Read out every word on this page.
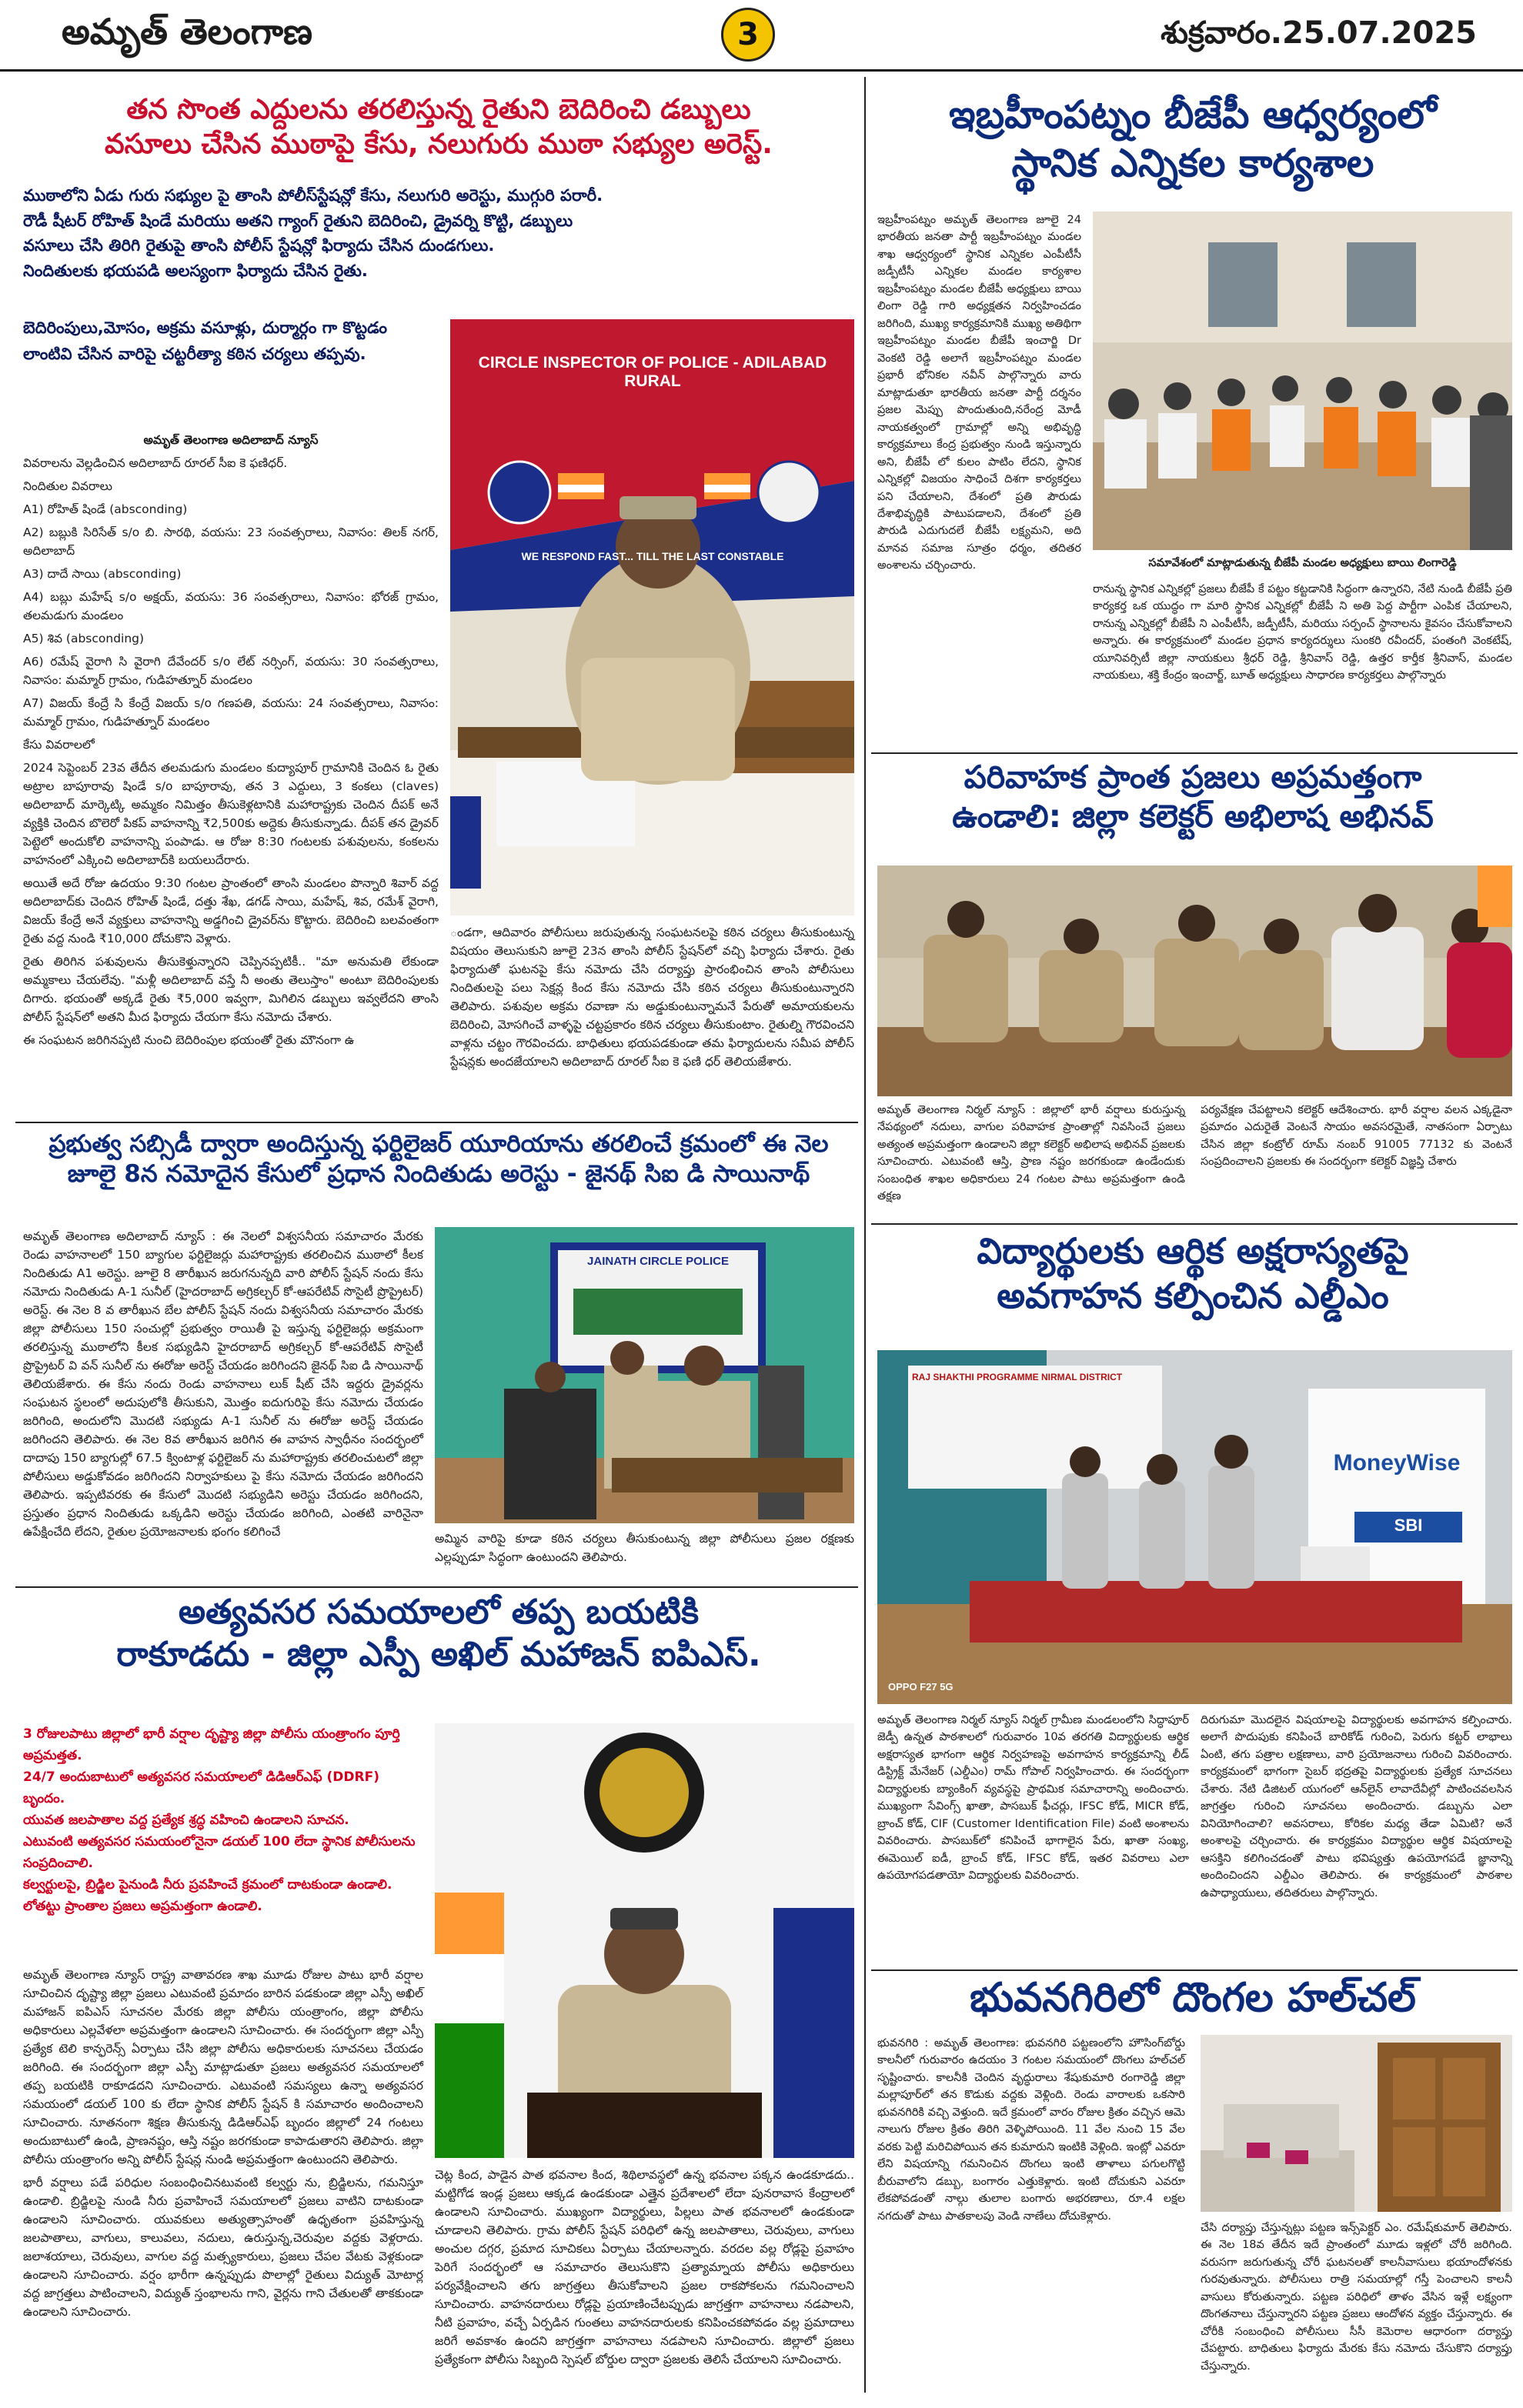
అమృత్ తెలంగాణ	3	శుక్రవారం.25.07.2025
తన సొంత ఎద్దులను తరలిస్తున్న రైతుని బెదిరించి డబ్బులు
వసూలు చేసిన ముఠాపై కేసు, నలుగురు ముఠా సభ్యుల అరెస్ట్.
ముఠాలోని ఏడు గురు సభ్యుల పై తాంసి పోలీస్‌స్టేషన్లో కేసు, నలుగురి అరెస్టు, ముగ్గురి పరారీ.
రౌడీ షీటర్ రోహిత్ షిండే మరియు అతని గ్యాంగ్ రైతుని బెదిరించి, డ్రైవర్ని కొట్టి, డబ్బులు
వసూలు చేసి తిరిగి రైతుపై తాంసి పోలీస్ స్టేషన్లో ఫిర్యాదు చేసిన దుండగులు.
నిందితులకు భయపడి అలస్యంగా ఫిర్యాదు చేసిన రైతు.
బెదిరింపులు,మోసం, అక్రమ వసూళ్లు, దుర్మార్గం గా కొట్టడం లాంటివి చేసిన వారిపై చట్టరీత్యా కఠిన చర్యలు తప్పవు.

అమృత్ తెలంగాణ అదిలాబాద్ న్యూస్

వివరాలను వెల్లడించిన అదిలాబాద్ రూరల్ సీఐ కె ఫణిధర్.

నిందితుల వివరాలు

A1) రోహిత్ షిండే (absconding)

A2) బబ్లుకి సిరిసేత్ s/o బి. సారథి, వయసు: 23 సంవత్సరాలు, నివాసం: తిలక్ నగర్, అదిలాబాద్

A3) దాదే సాయి (absconding)

A4) బబ్లు మహేష్ s/o అక్షయ్, వయసు: 36 సంవత్సరాలు, నివాసం: భోరజ్ గ్రామం, తలమడుగు మండలం

A5) శివ (absconding)

A6) రమేష్ వైరాగి సి వైరాగి దేవేందర్ s/o లేట్ నర్సింగ్, వయసు: 30 సంవత్సరాలు, నివాసం: మమ్మార్ గ్రామం, గుడిహత్నూర్ మండలం

A7) విజయ్ కేంద్రే సి కేంద్రే విజయ్ s/o గణపతి, వయసు: 24 సంవత్సరాలు, నివాసం: మమ్మార్ గ్రామం, గుడిహత్నూర్ మండలం

కేసు వివరాలలో

2024 సెప్టెంబర్ 23వ తేదీన తలమడుగు మండలం కుద్యాపూర్ గ్రామానికి చెందిన ఓ రైతు అట్రాల బాపూరావు షిండే s/o బాపూరావు, తన 3 ఎద్దులు, 3 కంకలు (claves) అదిలాబాద్ మార్కెట్కి అమ్మకం నిమిత్తం తీసుకెళ్లటానికి మహారాష్ట్రకు చెందిన దీపక్ అనే వ్యక్తికి చెందిన బొలెరో పికప్ వాహనాన్ని ₹2,500కు అద్దెకు తీసుకున్నాడు. దీపక్ తన డ్రైవర్ పెట్టెలో అందుకోలి వాహనాన్ని పంపాడు. ఆ రోజు 8:30 గంటలకు పశువులను, కంకలను వాహనంలో ఎక్కించి అదిలాబాద్‌కి బయలుదేరారు.

అయితే అదే రోజు ఉదయం 9:30 గంటల ప్రాంతంలో తాంసి మండలం పొన్నారి శివార్ వద్ద అదిలాబాద్‌కు చెందిన రోహిత్ షిండే, దత్తు శేఖ, డగడ్ సాయి, మహేష్, శివ, రమేశ్ వైరాగి, విజయ్ కేంద్రే అనే వ్యక్తులు వాహనాన్ని అడ్డగించి డ్రైవర్‌ను కొట్టారు. బెదిరించి బలవంతంగా రైతు వద్ద నుండి ₹10,000 దోచుకొని వెళ్లారు.

రైతు తిరిగిన పశువులను తీసుకెళ్తున్నారని చెప్పినప్పటికీ.. "మా అనుమతి లేకుండా అమ్మకాలు చేయలేవు. "మళ్లీ అదిలాబాద్ వస్తే నీ అంతు తెలుస్తాం" అంటూ బెదిరింపులకు దిగారు. భయంతో అక్కడే రైతు ₹5,000 ఇవ్వగా, మిగిలిన డబ్బులు ఇవ్వలేదని తాంసి పోలీస్ స్టేషన్‌లో అతని మీద ఫిర్యాదు చేయగా కేసు నమోదు చేశారు.

ఈ సంఘటన జరిగినప్పటి నుంచి బెదిరింపుల భయంతో రైతు మౌనంగా ఉ

CIRCLE INSPECTOR OF POLICE - ADILABAD RURAL
WE RESPOND FAST... TILL THE LAST CONSTABLE
ండగా, ఆదివారం పోలీసులు జరుపుతున్న సంఘటనలపై కఠిన చర్యలు తీసుకుంటున్న విషయం తెలుసుకుని జూలై 23న తాంసి పోలీస్ స్టేషన్‌లో వచ్చి ఫిర్యాదు చేశారు. రైతు ఫిర్యాదుతో ఘటనపై కేసు నమోదు చేసి దర్యాప్తు ప్రారంభించిన తాంసి పోలీసులు నిందితులపై పలు సెక్షన్ల కింద కేసు నమోదు చేసి కఠిన చర్యలు తీసుకుంటున్నారని తెలిపారు. పశువుల అక్రమ రవాణా ను అడ్డుకుంటున్నామనే పేరుతో అమాయకులను బెదిరించి, మోసగించే వాళ్ళపై చట్టప్రకారం కఠిన చర్యలు తీసుకుంటాం. రైతుల్ని గౌరవించని వాళ్లను చట్టం గౌరవించదు. బాధితులు భయపడకుండా తమ ఫిర్యాదులను సమీప పోలీస్ స్టేషన్లకు అందజేయాలని అదిలాబాద్ రూరల్ సీఐ కె ఫణి ధర్ తెలియజేశారు.
ప్రభుత్వ సబ్సిడీ ద్వారా అందిస్తున్న ఫర్టిలైజర్ యూరియాను తరలించే క్రమంలో ఈ నెల
జూలై 8న నమోదైన కేసులో ప్రధాన నిందితుడు అరెస్టు - జైనథ్ సిఐ డి సాయినాథ్
అమృత్ తెలంగాణ అదిలాబాద్ న్యూస్ : ఈ నెలలో విశ్వసనీయ సమాచారం మేరకు రెండు వాహనాలలో 150 బ్యాగుల ఫర్టిలైజర్లు మహారాష్ట్రకు తరలించిన ముఠాలో కీలక నిందితుడు A1 అరెస్టు. జూలై 8 తారీఖున జరుగనున్నది వారి పోలీస్ స్టేషన్ నందు కేసు నమోదు నిందితుడు A-1 సునీల్ (హైదరాబాద్ అగ్రికల్చర్ కో-ఆపరేటివ్ సొసైటీ ప్రొప్రైటర్) అరెస్ట్. ఈ నెల 8 వ తారీఖున బేల పోలీస్ స్టేషన్ నందు విశ్వసనీయ సమాచారం మేరకు జిల్లా పోలీసులు 150 సంచుల్లో ప్రభుత్వం రాయితీ పై ఇస్తున్న ఫర్టిలైజర్లు అక్రమంగా తరలిస్తున్న ముఠాలోని కీలక సభ్యుడిని హైదరాబాద్ అగ్రికల్చర్ కో-ఆపరేటివ్ సొసైటీ ప్రొప్రైటర్ వి వన్ సునీల్ ను ఈరోజు అరెస్ట్ చేయడం జరిగిందని జైనథ్ సిఐ డి సాయినాథ్ తెలియజేశారు. ఈ కేసు నందు రెండు వాహనాలు లుక్ షీట్ చేసి ఇద్దరు డ్రైవర్లను సంఘటన స్థలంలో అదుపులోకి తీసుకుని, మొత్తం ఐదుగురిపై కేసు నమోదు చేయడం జరిగింది, అందులోని మొదటి సభ్యుడు A-1 సునీల్ ను ఈరోజు అరెస్ట్ చేయడం జరిగిందని తెలిపారు. ఈ నెల 8వ తారీఖున జరిగిన ఈ వాహన స్వాధీనం సందర్భంలో దాదాపు 150 బ్యాగుల్లో 67.5 క్వింటాళ్ల ఫర్టిలైజర్ ను మహారాష్ట్రకు తరలించుటలో జిల్లా పోలీసులు అడ్డుకోవడం జరిగిందని నిర్వాహకులు పై కేసు నమోదు చేయడం జరిగిందని తెలిపారు. ఇప్పటివరకు ఈ కేసులో మొదటి సభ్యుడిని అరెస్టు చేయడం జరిగిందని, ప్రస్తుతం ప్రధాన నిందితుడు ఒక్కడిని అరెస్టు చేయడం జరిగింది, ఎంతటి వారినైనా ఉపేక్షించేది లేదని, రైతుల ప్రయోజనాలకు భంగం కలిగించే
JAINATH CIRCLE POLICE
అమ్మిన వారిపై కూడా కఠిన చర్యలు తీసుకుంటున్న జిల్లా పోలీసులు ప్రజల రక్షణకు ఎల్లప్పుడూ సిద్ధంగా ఉంటుందని తెలిపారు.
అత్యవసర సమయాలలో తప్ప బయటికి
రాకూడదు - జిల్లా ఎస్పీ అఖిల్ మహాజన్ ఐపిఎస్.
3 రోజులపాటు జిల్లాలో భారీ వర్షాల దృష్ట్యా జిల్లా పోలీసు యంత్రాంగం పూర్తి అప్రమత్తత.
24/7 అందుబాటులో అత్యవసర సమయాలలో డిడిఆర్ఎఫ్ (DDRF) బృందం.
యువత జలపాతాల వద్ద ప్రత్యేక శ్రద్ధ వహించి ఉండాలని సూచన.
ఎటువంటి అత్యవసర సమయంలోనైనా డయల్ 100 లేదా స్థానిక పోలీసులను సంప్రదించాలి.
కల్వర్టులపై, బ్రిడ్జిల పైనుండి నీరు ప్రవహించే క్రమంలో దాటకుండా ఉండాలి.
లోతట్టు ప్రాంతాల ప్రజలు అప్రమత్తంగా ఉండాలి.

అమృత్ తెలంగాణ న్యూస్ రాష్ట్ర వాతావరణ శాఖ మూడు రోజుల పాటు భారీ వర్షాల సూచించిన దృష్ట్యా జిల్లా ప్రజలు ఎటువంటి ప్రమాదం బారిన పడకుండా జిల్లా ఎస్పీ అఖిల్ మహాజన్ ఐపిఎస్ సూచనల మేరకు జిల్లా పోలీసు యంత్రాంగం, జిల్లా పోలీసు అధికారులు ఎల్లవేళలా అప్రమత్తంగా ఉండాలని సూచించారు. ఈ సందర్భంగా జిల్లా ఎస్పీ ప్రత్యేక టెలి కాన్ఫరెన్స్ ఏర్పాటు చేసి జిల్లా పోలీసు అధికారులకు సూచనలు చేయడం జరిగింది. ఈ సందర్భంగా జిల్లా ఎస్పీ మాట్లాడుతూ ప్రజలు అత్యవసర సమయాలలో తప్ప బయటికి రాకూడదని సూచించారు. ఎటువంటి సమస్యలు ఉన్నా అత్యవసర సమయంలో డయల్ 100 కు లేదా స్థానిక పోలీస్ స్టేషన్ కి సమాచారం అందించాలని సూచించారు. నూతనంగా శిక్షణ తీసుకున్న డిడిఆర్ఎఫ్ బృందం జిల్లాలో 24 గంటలు అందుబాటులో ఉండి, ప్రాణనష్టం, ఆస్తి నష్టం జరగకుండా కాపాడుతారని తెలిపారు. జిల్లా పోలీసు యంత్రాంగం అన్ని పోలీస్ స్టేషన్ల నుండి అప్రమత్తంగా ఉంటుందని తెలిపారు.

భారీ వర్షాలు పడే పరిధుల సంబంధించినటువంటి కల్వర్టు ను, బ్రిడ్జిలను, గమనిస్తూ ఉండాలి. బ్రిడ్జిలపై నుండి నీరు ప్రవాహించే సమయాలలో ప్రజలు వాటిని దాటకుండా ఉండాలని సూచించారు. యువకులు అత్యుత్సాహంతో ఉధృతంగా ప్రవహిస్తున్న జలపాతాలు, వాగులు, కాలువలు, నదులు, ఉరుస్తున్న,చెరువుల వద్దకు వెళ్లరాదు. జలాశయాలు, చెరువులు, వాగుల వద్ద మత్స్యకారులు, ప్రజలు చేపల వేటకు వెళ్లకుండా ఉండాలని సూచించారు. వర్షం భారీగా ఉన్నప్పుడు పొలాల్లో రైతులు విద్యుత్ మోటార్ల వద్ద జాగ్రత్తలు పాటించాలని, విద్యుత్ స్తంభాలను గాని, వైర్లను గాని చేతులతో తాకకుండా ఉండాలని సూచించారు.

చెట్ల కింద, పాడైన పాత భవనాల కింద, శిథిలావస్థలో ఉన్న భవనాల పక్కన ఉండకూడదు.. మట్టిగోడ ఇండ్ల ప్రజలు ఆక్కడ ఉండకుండా ఎత్తైన ప్రదేశాలలో లేదా పునరావాస కేంద్రాలలో ఉండాలని సూచించారు. ముఖ్యంగా విద్యార్థులు, పిల్లలు పాత భవనాలలో ఉండకుండా చూడాలని తెలిపారు. గ్రామ పోలీస్ స్టేషన్ పరిధిలో ఉన్న జలపాతాలు, చెరువులు, వాగులు అంచుల దగ్గర, ప్రమాద సూచికలు ఏర్పాటు చేయాలన్నారు. వరదల వల్ల రోడ్లపై ప్రవాహం పెరిగే సందర్భంలో ఆ సమాచారం తెలుసుకొని ప్రత్యామ్నాయ పోలీసు అధికారులు పర్యవేక్షించాలని తగు జాగ్రత్తలు తీసుకోవాలని ప్రజల రాకపోకలను గమనించాలని సూచించారు. వాహనదారులు రోడ్లపై ప్రయాణించేటప్పుడు జాగ్రత్తగా వాహనాలు నడపాలని, నీటి ప్రవాహం, వచ్చే ఏర్పడిన గుంతలు వాహనదారులకు కనిపించకపోవడం వల్ల ప్రమాదాలు జరిగే అవకాశం ఉందని జాగ్రత్తగా వాహనాలు నడపాలని సూచించారు. జిల్లాలో ప్రజలు ప్రత్యేకంగా పోలీసు సిబ్బంది స్పెషల్ బోర్డుల ద్వారా ప్రజలకు తెలిసే చేయాలని సూచించారు.
ఇబ్రహీంపట్నం బీజేపీ ఆధ్వర్యంలో
స్థానిక ఎన్నికల కార్యశాల
ఇబ్రహీంపట్నం అమృత్ తెలంగాణ జూలై 24 భారతీయ జనతా పార్టీ ఇబ్రహీంపట్నం మండల శాఖ ఆధ్వర్యంలో స్థానిక ఎన్నికల ఎంపీటీసీ జడ్పీటీసీ ఎన్నికల మండల కార్యశాల ఇబ్రహీంపట్నం మండల బీజేపీ అధ్యక్షులు బాయి లింగా రెడ్డి గారి అధ్యక్షతన నిర్వహించడం జరిగింది, ముఖ్య కార్యక్రమానికి ముఖ్య అతిథిగా ఇబ్రహీంపట్నం మండల బీజేపీ ఇంచార్జి Dr వెంకటి రెడ్డి అలాగే ఇబ్రహీంపట్నం మండల ప్రభారీ భోనికల నవీన్ పాల్గొన్నారు వారు మాట్లాడుతూ భారతీయ జనతా పార్టీ దర్శనం ప్రజల మెప్పు పొందుతుంది,నరేంద్ర మోడీ నాయకత్వంలో గ్రామాల్లో అన్ని అభివృద్ధి కార్యక్రమాలు కేంద్ర ప్రభుత్వం నుండి ఇస్తున్నారు అని, బీజేపీ లో కులం పాటిం లేదని, స్థానిక ఎన్నికల్లో విజయం సాధించే దిశగా కార్యకర్తలు పని చేయాలని, దేశంలో ప్రతి పౌరుడు దేశాభివృద్ధికి పాటుపడాలని, దేశంలో ప్రతి పౌరుడి ఎదుగుదలే బీజేపీ లక్ష్యమని, అది మానవ సమాజ సూత్రం ధర్మం, తదితర అంశాలను చర్చించారు.	సమావేశంలో మాట్లాడుతున్న బీజేపీ మండల అధ్యక్షులు బాయి లింగారెడ్డి
రానున్న స్థానిక ఎన్నికల్లో ప్రజలు బీజేపీ కే పట్టం కట్టడానికి సిద్ధంగా ఉన్నారని, నేటి నుండి బీజేపీ ప్రతి కార్యకర్త ఒక యుద్ధం గా మారి స్థానిక ఎన్నికల్లో బీజేపీ ని అతి పెద్ద పార్టీగా ఎంపిక చేయాలని, రానున్న ఎన్నికల్లో బీజేపీ ని ఎంపీటీసీ, జడ్పీటీసీ, మరియు సర్పంచ్ స్థానాలను కైవసం చేసుకోవాలని అన్నారు. ఈ కార్యక్రమంలో మండల ప్రధాన కార్యదర్శులు సుంకరి రవీందర్, పంతంగి వెంకటేష్, యూనివర్సిటీ జిల్లా నాయకులు శ్రీధర్ రెడ్డి, శ్రీనివాస్ రెడ్డి, ఉత్తర కార్తీక శ్రీనివాస్, మండల నాయకులు, శక్తి కేంద్రం ఇంచార్జ్, బూత్ అధ్యక్షులు సాధారణ కార్యకర్తలు పాల్గొన్నారు
పరివాహక ప్రాంత ప్రజలు అప్రమత్తంగా
ఉండాలి: జిల్లా కలెక్టర్ అభిలాష అభినవ్
అమృత్ తెలంగాణ నిర్మల్ న్యూస్ : జిల్లాలో భారీ వర్షాలు కురుస్తున్న నేపథ్యంలో నదులు, వాగుల పరివాహక ప్రాంతాల్లో నివసించే ప్రజలు అత్యంత అప్రమత్తంగా ఉండాలని జిల్లా కలెక్టర్ అభిలాష అభినవ్ ప్రజలకు సూచించారు. ఎటువంటి ఆస్తి, ప్రాణ నష్టం జరగకుండా ఉండేందుకు సంబంధిత శాఖల అధికారులు 24 గంటల పాటు అప్రమత్తంగా ఉండి తక్షణ
పర్యవేక్షణ చేపట్టాలని కలెక్టర్ ఆదేశించారు. భారీ వర్షాల వలన ఎక్కడైనా ప్రమాదం ఎదురైతే వెంటనే సాయం అవసరమైతే, నాతసంగా ఏర్పాటు చేసిన జిల్లా కంట్రోల్ రూమ్ నంబర్ 91005 77132 కు వెంటనే సంప్రదించాలని ప్రజలకు ఈ సందర్భంగా కలెక్టర్ విజ్ఞప్తి చేశారు
విద్యార్థులకు ఆర్థిక అక్షరాస్యతపై
అవగాహన కల్పించిన ఎల్డీఎం
RAJ SHAKTHI PROGRAMME NIRMAL DISTRICT
MoneyWise
SBI
OPPO F27 5G
అమృత్ తెలంగాణ నిర్మల్ న్యూస్ నిర్మల్ గ్రామీణ మండలంలోని సిద్ధాపూర్ జెడ్పీ ఉన్నత పాఠశాలలో గురువారం 10వ తరగతి విద్యార్థులకు ఆర్థిక అక్షరాస్యత భాగంగా ఆర్థిక నిర్వహణపై అవగాహన కార్యక్రమాన్ని లీడ్ డిస్ట్రిక్ట్ మేనేజర్ (ఎల్డీఎం) రామ్ గోపాల్ నిర్వహించారు. ఈ సందర్భంగా విద్యార్థులకు బ్యాంకింగ్ వ్యవస్థపై ప్రాథమిక సమాచారాన్ని అందించారు. ముఖ్యంగా సేవింగ్స్ ఖాతా, పాసబుక్ ఫీచర్లు, IFSC కోడ్, MICR కోడ్, బ్రాంచ్ కోడ్, CIF (Customer Identification File) వంటి అంశాలను వివరించారు. పాసబుక్‌లో కనిపించే భాగాలైన పేరు, ఖాతా సంఖ్య, ఈమెయిల్ ఐడీ, బ్రాంచ్ కోడ్, IFSC కోడ్, ఇతర వివరాలు ఎలా ఉపయోగపడతాయో విద్యార్థులకు వివరించారు.
దిరుగుమా మొదలైన విషయాలపై విద్యార్థులకు అవగాహన కల్పించారు. అలాగే పొదుపుకు కనిపించే బారికోడ్ గురించి, పెరుగు కట్టర్ లాభాలు ఏంటి, తగు పత్రాల లక్షణాలు, వారి ప్రయోజనాలు గురించి వివరించారు. కార్యక్రమంలో భాగంగా సైబర్ భద్రతపై విద్యార్థులకు ప్రత్యేక సూచనలు చేశారు. నేటి డిజిటల్ యుగంలో ఆన్‌లైన్ లావాదేవీల్లో పాటించవలసిన జాగ్రత్తల గురించి సూచనలు అందించారు. డబ్బును ఎలా వినియోగించాలి? అవసరాలు, కోరికల మధ్య తేడా ఏమిటి? అనే అంశాలపై చర్చించారు. ఈ కార్యక్రమం విద్యార్థుల ఆర్థిక విషయాలపై ఆసక్తిని కలిగించడంతో పాటు భవిష్యత్తు ఉపయోగపడే జ్ఞానాన్ని అందించిందని ఎల్డీఎం తెలిపారు. ఈ కార్యక్రమంలో పాఠశాల ఉపాధ్యాయులు, తదితరులు పాల్గొన్నారు.
భువనగిరిలో దొంగల హల్‌చల్
భువనగిరి : అమృత్ తెలంగాణ: భువనగిరి పట్టణంలోని హౌసింగ్‌బోర్డు కాలనీలో గురువారం ఉదయం 3 గంటల సమయంలో దొంగలు హల్‌చల్ సృష్టించారు. కాలనీకి చెందిన వృద్ధురాలు శేషుకుమారి రంగారెడ్డి జిల్లా మల్లాపూర్‌లో తన కొడుకు వద్దకు వెళ్లింది. రెండు వారాలకు ఒకసారి భువనగిరికి వచ్చి వెళ్తుంది. ఇదే క్రమంలో వారం రోజుల క్రితం వచ్చిన ఆమె నాలుగు రోజుల క్రితం తిరిగి వెళ్ళిపోయింది. 11 వేల నుంచి 15 వేల వరకు పెట్టి మరిచిపోయిన తన కుమారుని ఇంటికి వెళ్లింది. ఇంట్లో ఎవరూ లేని విషయాన్ని గమనించిన దొంగలు ఇంటి తాళాలు పగులగొట్టి బీరువాలోని డబ్బు, బంగారం ఎత్తుకెళ్లారు. ఇంటి దోచుకుని ఎవరూ లేకపోవడంతో నాల్గు తులాల బంగారు అభరణాలు, రూ.4 లక్షల నగదుతో పాటు పాతకాలపు వెండి నాణేలు దోచుకెళ్లారు.
చేసి దర్యాప్తు చేస్తున్నట్లు పట్టణ ఇన్స్‌పెక్టర్ ఎం. రమేష్‌కుమార్ తెలిపారు. ఈ నెల 18వ తేదీన ఇదే ప్రాంతంలో మూడు ఇళ్లలో చోరీ జరిగింది. వరుసగా జరుగుతున్న చోరీ ఘటనలతో కాలనీవాసులు భయాందోళనకు గురవుతున్నారు. పోలీసులు రాత్రి సమయాల్లో గస్తీ పెంచాలని కాలనీ వాసులు కోరుతున్నారు. పట్టణ పరిధిలో తాళం వేసిన ఇళ్లే లక్ష్యంగా దొంగతనాలు చేస్తున్నారని పట్టణ ప్రజలు ఆందోళన వ్యక్తం చేస్తున్నారు. ఈ చోరీకి సంబంధించి పోలీసులు సీసీ కెమెరాల ఆధారంగా దర్యాప్తు చేపట్టారు. బాధితులు ఫిర్యాదు మేరకు కేసు నమోదు చేసుకొని దర్యాప్తు చేస్తున్నారు.
